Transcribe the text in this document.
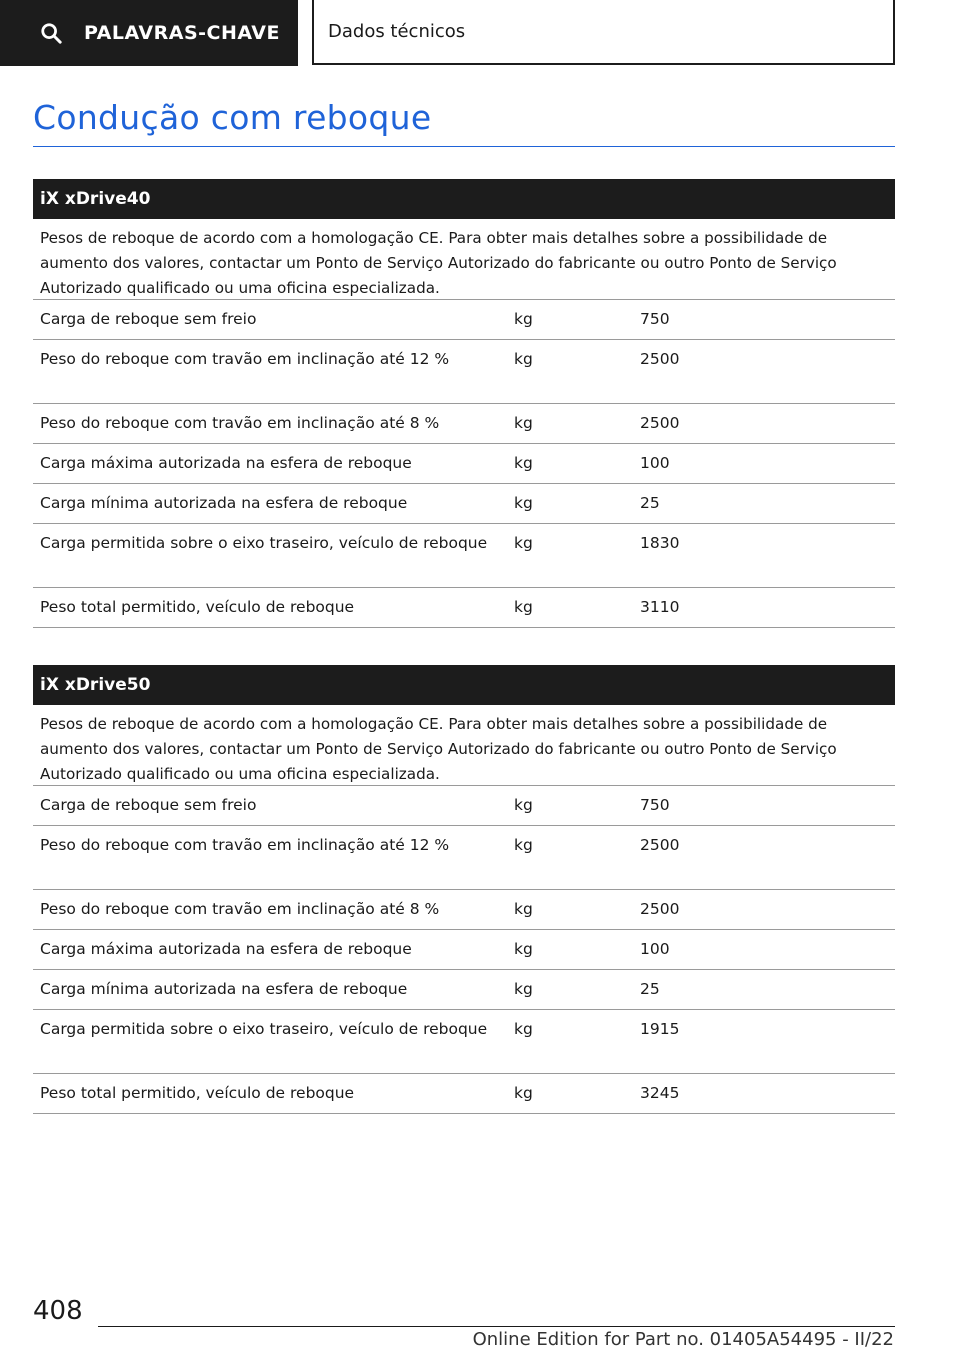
PALAVRAS-CHAVE	Dados técnicos
Condução com reboque
iX xDrive40

Pesos de reboque de acordo com a homologação CE. Para obter mais detalhes sobre a possibilidade de aumento dos valores, contactar um Ponto de Serviço Autorizado do fabricante ou outro Ponto de Serviço Autorizado qualificado ou uma oficina especializada.

Carga de reboque sem freio	kg	750
Peso do reboque com travão em inclinação até 12 %	kg	2500
Peso do reboque com travão em inclinação até 8 %	kg	2500
Carga máxima autorizada na esfera de reboque	kg	100
Carga mínima autorizada na esfera de reboque	kg	25
Carga permitida sobre o eixo traseiro, veículo de reboque	kg	1830
Peso total permitido, veículo de reboque	kg	3110
iX xDrive50

Pesos de reboque de acordo com a homologação CE. Para obter mais detalhes sobre a possibilidade de aumento dos valores, contactar um Ponto de Serviço Autorizado do fabricante ou outro Ponto de Serviço Autorizado qualificado ou uma oficina especializada.

Carga de reboque sem freio	kg	750
Peso do reboque com travão em inclinação até 12 %	kg	2500
Peso do reboque com travão em inclinação até 8 %	kg	2500
Carga máxima autorizada na esfera de reboque	kg	100
Carga mínima autorizada na esfera de reboque	kg	25
Carga permitida sobre o eixo traseiro, veículo de reboque	kg	1915
Peso total permitido, veículo de reboque	kg	3245
408
Online Edition for Part no. 01405A54495 - II/22
